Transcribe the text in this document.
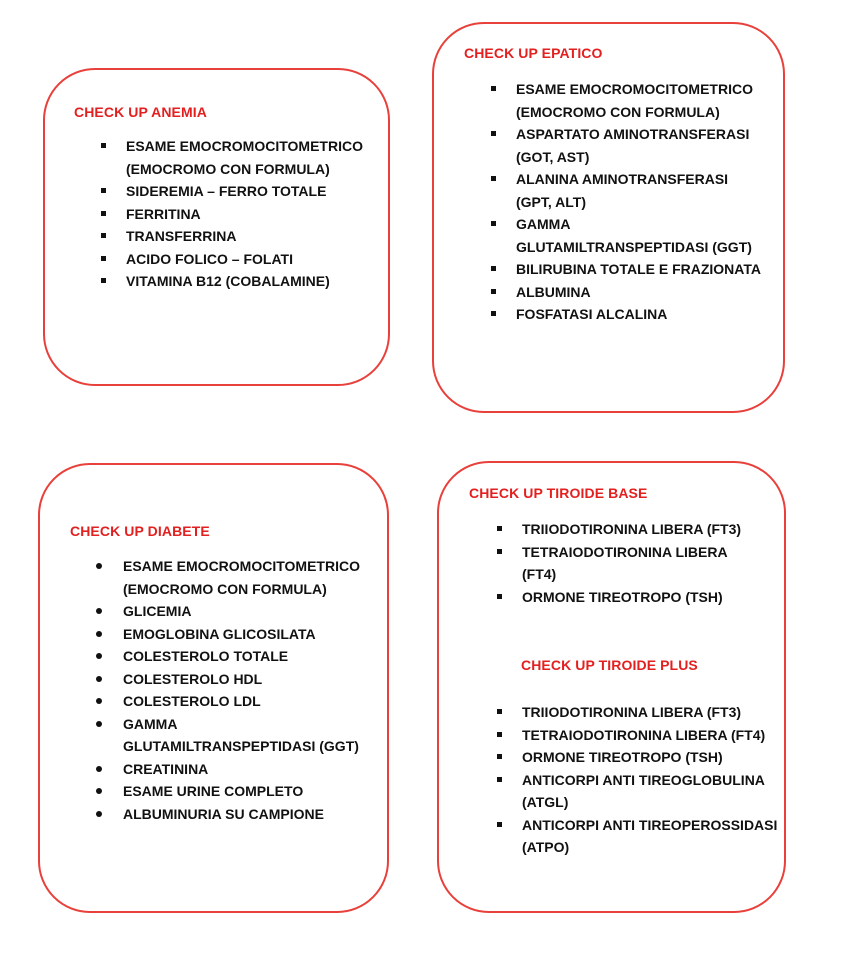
CHECK UP ANEMIA
ESAME EMOCROMOCITOMETRICO (EMOCROMO CON FORMULA)
SIDEREMIA – FERRO TOTALE
FERRITINA
TRANSFERRINA
ACIDO FOLICO – FOLATI
VITAMINA B12 (COBALAMINE)
CHECK UP EPATICO
ESAME EMOCROMOCITOMETRICO (EMOCROMO CON FORMULA)
ASPARTATO AMINOTRANSFERASI (GOT, AST)
ALANINA AMINOTRANSFERASI (GPT, ALT)
GAMMA GLUTAMILTRANSPEPTIDASI (GGT)
BILIRUBINA TOTALE E FRAZIONATA
ALBUMINA
FOSFATASI ALCALINA
CHECK UP DIABETE
ESAME EMOCROMOCITOMETRICO (EMOCROMO CON FORMULA)
GLICEMIA
EMOGLOBINA GLICOSILATA
COLESTEROLO TOTALE
COLESTEROLO HDL
COLESTEROLO LDL
GAMMA GLUTAMILTRANSPEPTIDASI (GGT)
CREATININA
ESAME URINE COMPLETO
ALBUMINURIA SU CAMPIONE
CHECK UP TIROIDE BASE
TRIIODOTIRONINA LIBERA (FT3)
TETRAIODOTIRONINA LIBERA (FT4)
ORMONE TIREOTROPO (TSH)
CHECK UP TIROIDE PLUS
TRIIODOTIRONINA LIBERA (FT3)
TETRAIODOTIRONINA LIBERA (FT4)
ORMONE TIREOTROPO (TSH)
ANTICORPI ANTI TIREOGLOBULINA (ATGL)
ANTICORPI ANTI TIREOPEROSSIDASI (ATPO)
